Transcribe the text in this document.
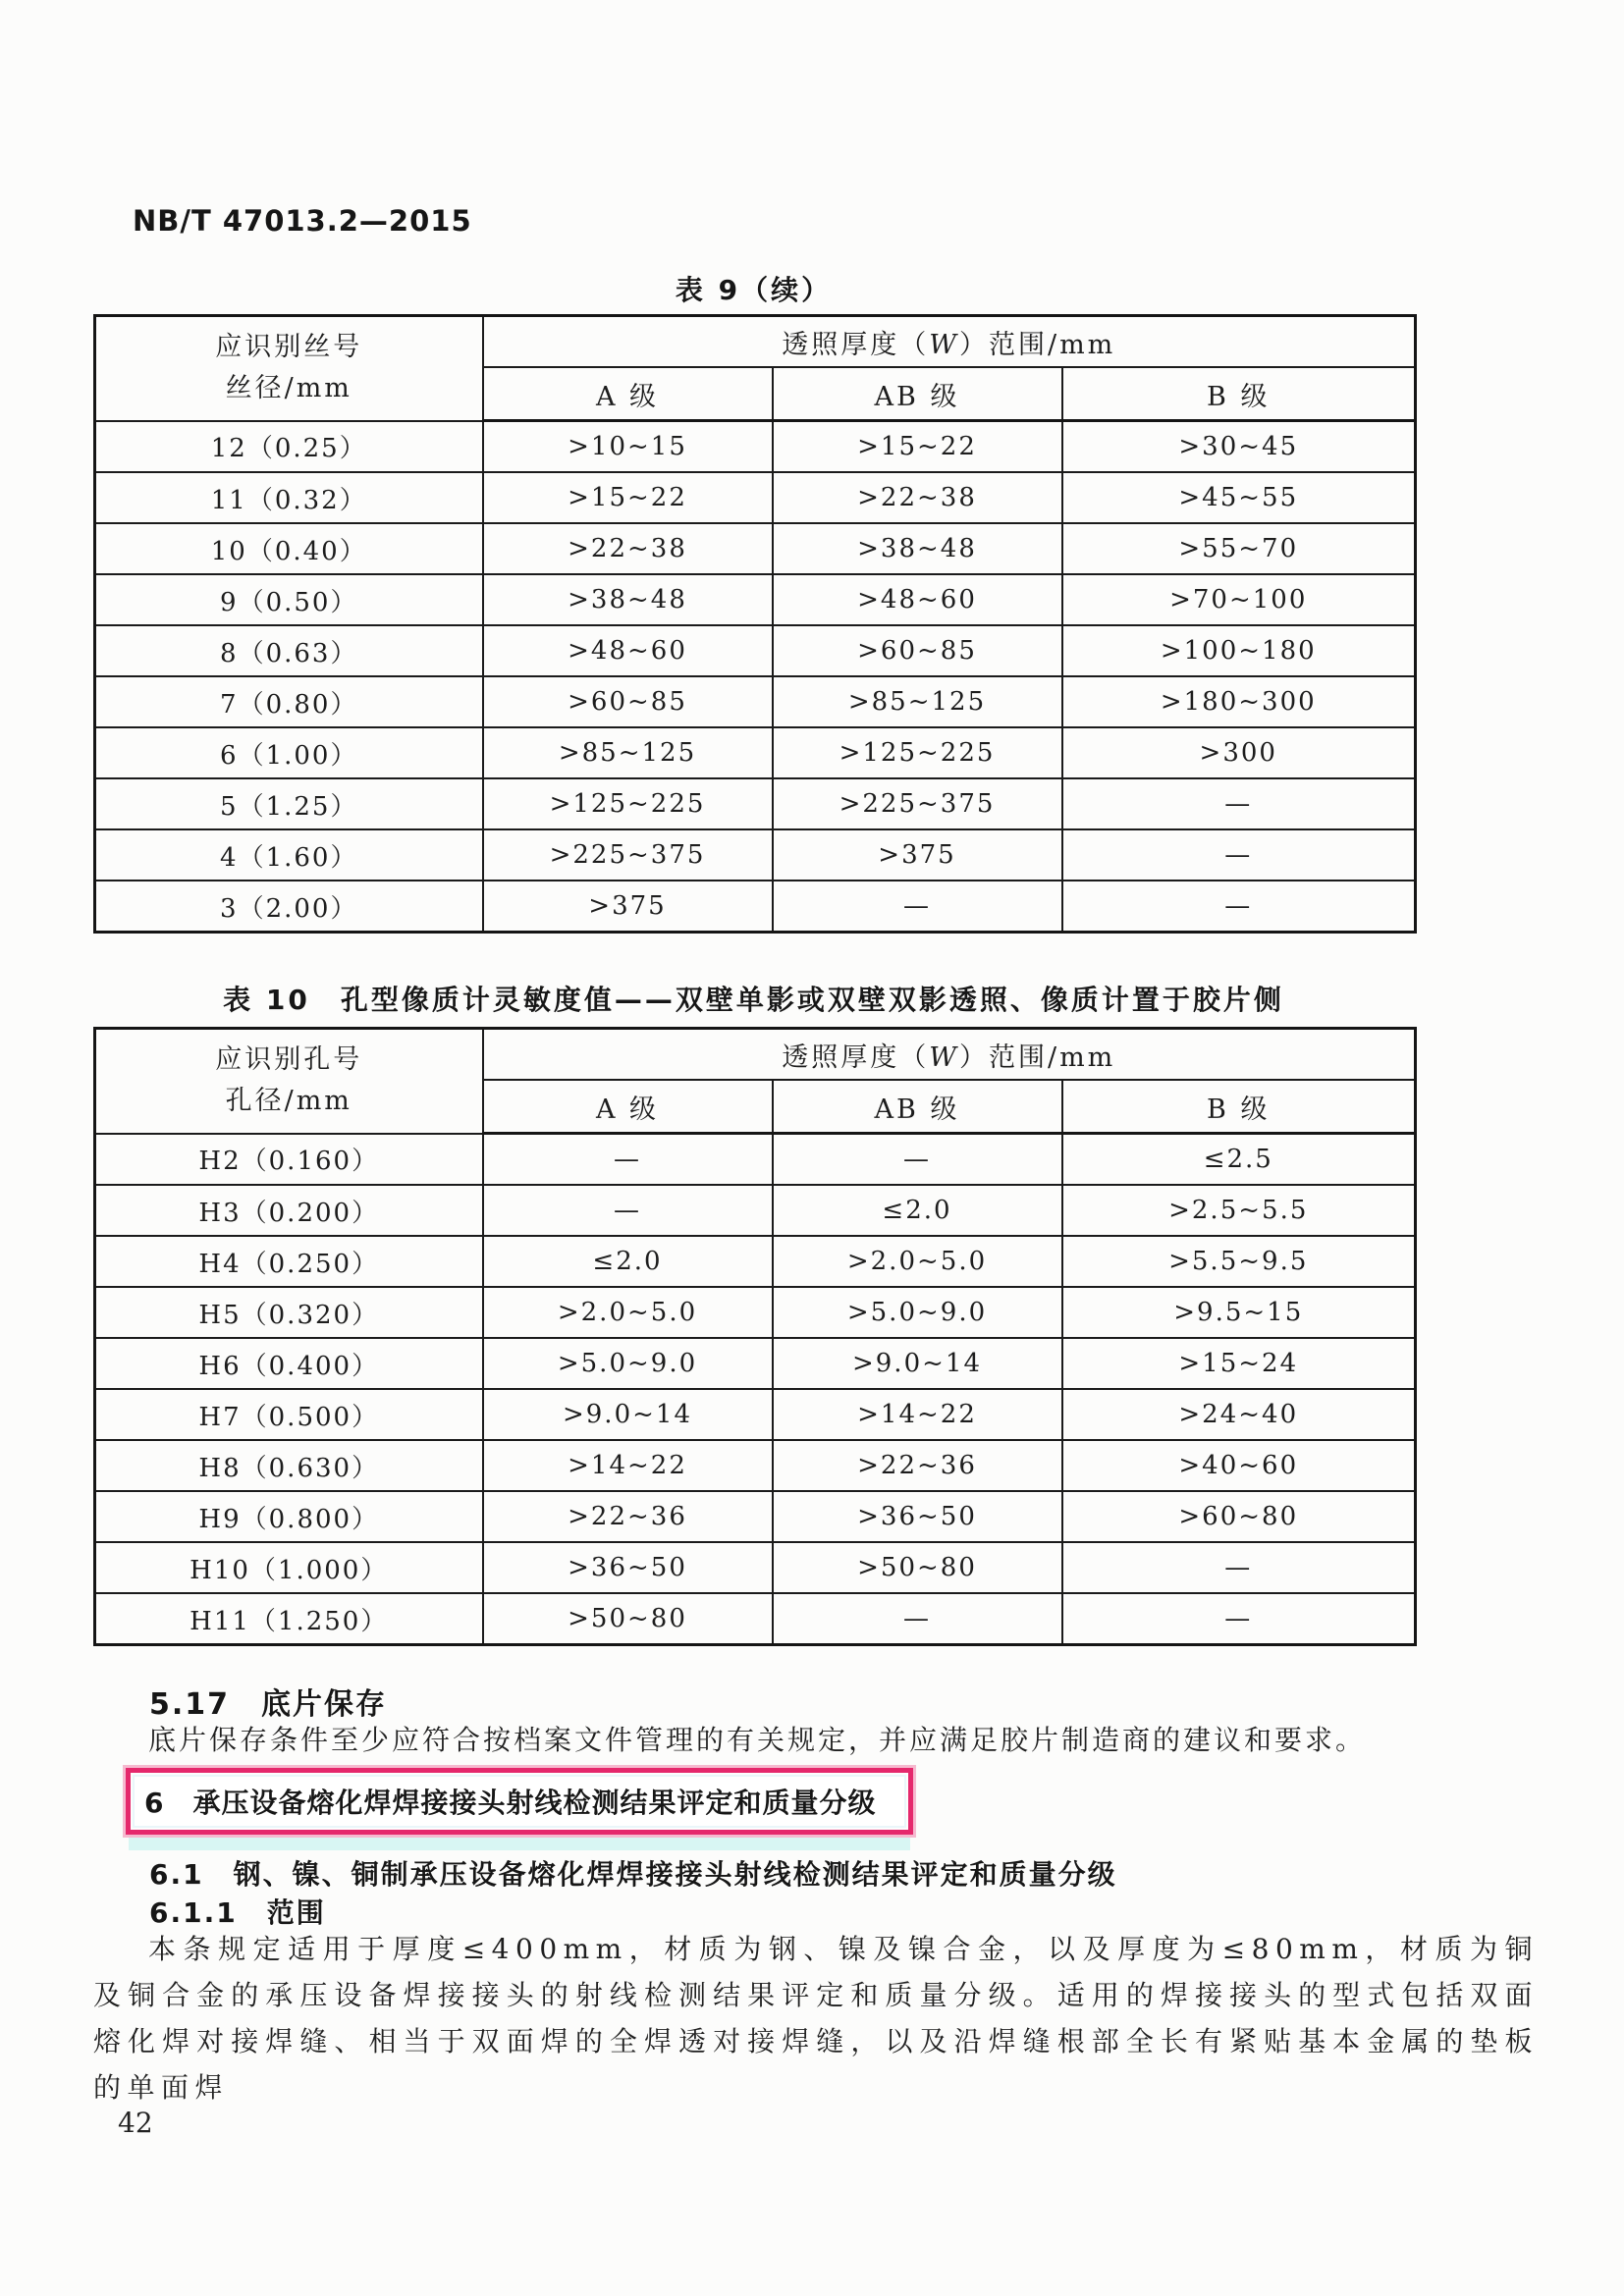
NB/T 47013.2—2015
表 9（续）
应识别丝号
丝径/mm	透照厚度（W）范围/mm		
	A 级	AB 级	B 级
12（0.25）	>10~15	>15~22	>30~45
11（0.32）	>15~22	>22~38	>45~55
10（0.40）	>22~38	>38~48	>55~70
9（0.50）	>38~48	>48~60	>70~100
8（0.63）	>48~60	>60~85	>100~180
7（0.80）	>60~85	>85~125	>180~300
6（1.00）	>85~125	>125~225	>300
5（1.25）	>125~225	>225~375	—
4（1.60）	>225~375	>375	—
3（2.00）	>375	—	—
表 10　孔型像质计灵敏度值——双壁单影或双壁双影透照、像质计置于胶片侧
应识别孔号
孔径/mm	透照厚度（W）范围/mm		
	A 级	AB 级	B 级
H2（0.160）	—	—	≤2.5
H3（0.200）	—	≤2.0	>2.5~5.5
H4（0.250）	≤2.0	>2.0~5.0	>5.5~9.5
H5（0.320）	>2.0~5.0	>5.0~9.0	>9.5~15
H6（0.400）	>5.0~9.0	>9.0~14	>15~24
H7（0.500）	>9.0~14	>14~22	>24~40
H8（0.630）	>14~22	>22~36	>40~60
H9（0.800）	>22~36	>36~50	>60~80
H10（1.000）	>36~50	>50~80	—
H11（1.250）	>50~80	—	—
5.17　底片保存
底片保存条件至少应符合按档案文件管理的有关规定，并应满足胶片制造商的建议和要求。
6　承压设备熔化焊焊接接头射线检测结果评定和质量分级
6.1　钢、镍、铜制承压设备熔化焊焊接接头射线检测结果评定和质量分级
6.1.1　范围
本条规定适用于厚度≤400mm，材质为钢、镍及镍合金，以及厚度为≤80mm，材质为铜及铜合金的承压设备焊接接头的射线检测结果评定和质量分级。适用的焊接接头的型式包括双面熔化焊对接焊缝、相当于双面焊的全焊透对接焊缝，以及沿焊缝根部全长有紧贴基本金属的垫板的单面焊
42
